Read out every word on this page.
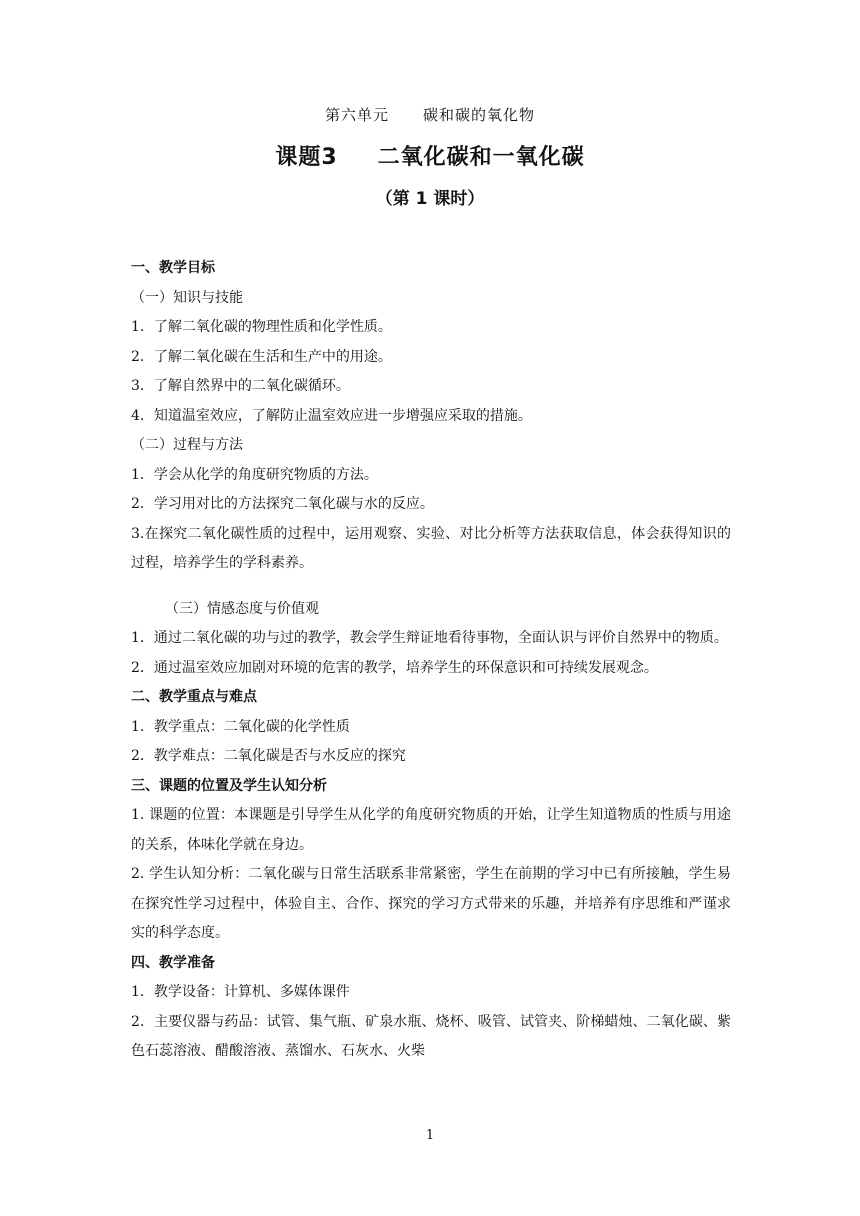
第六单元 碳和碳的氧化物
课题3 二氧化碳和一氧化碳
（第 1 课时）

一、教学目标

（一）知识与技能

1．了解二氧化碳的物理性质和化学性质。

2．了解二氧化碳在生活和生产中的用途。

3．了解自然界中的二氧化碳循环。

4．知道温室效应，了解防止温室效应进一步增强应采取的措施。

（二）过程与方法

1．学会从化学的角度研究物质的方法。

2．学习用对比的方法探究二氧化碳与水的反应。

3.在探究二氧化碳性质的过程中，运用观察、实验、对比分析等方法获取信息，体会获得知识的过程，培养学生的学科素养。

（三）情感态度与价值观

1．通过二氧化碳的功与过的教学，教会学生辩证地看待事物，全面认识与评价自然界中的物质。

2．通过温室效应加剧对环境的危害的教学，培养学生的环保意识和可持续发展观念。

二、教学重点与难点

1．教学重点：二氧化碳的化学性质

2．教学难点：二氧化碳是否与水反应的探究

三、课题的位置及学生认知分析

1. 课题的位置：本课题是引导学生从化学的角度研究物质的开始，让学生知道物质的性质与用途的关系，体味化学就在身边。

2. 学生认知分析：二氧化碳与日常生活联系非常紧密，学生在前期的学习中已有所接触，学生易在探究性学习过程中，体验自主、合作、探究的学习方式带来的乐趣，并培养有序思维和严谨求实的科学态度。

四、教学准备

1．教学设备：计算机、多媒体课件

2．主要仪器与药品：试管、集气瓶、矿泉水瓶、烧杯、吸管、试管夹、阶梯蜡烛、二氧化碳、紫色石蕊溶液、醋酸溶液、蒸馏水、石灰水、火柴

1
